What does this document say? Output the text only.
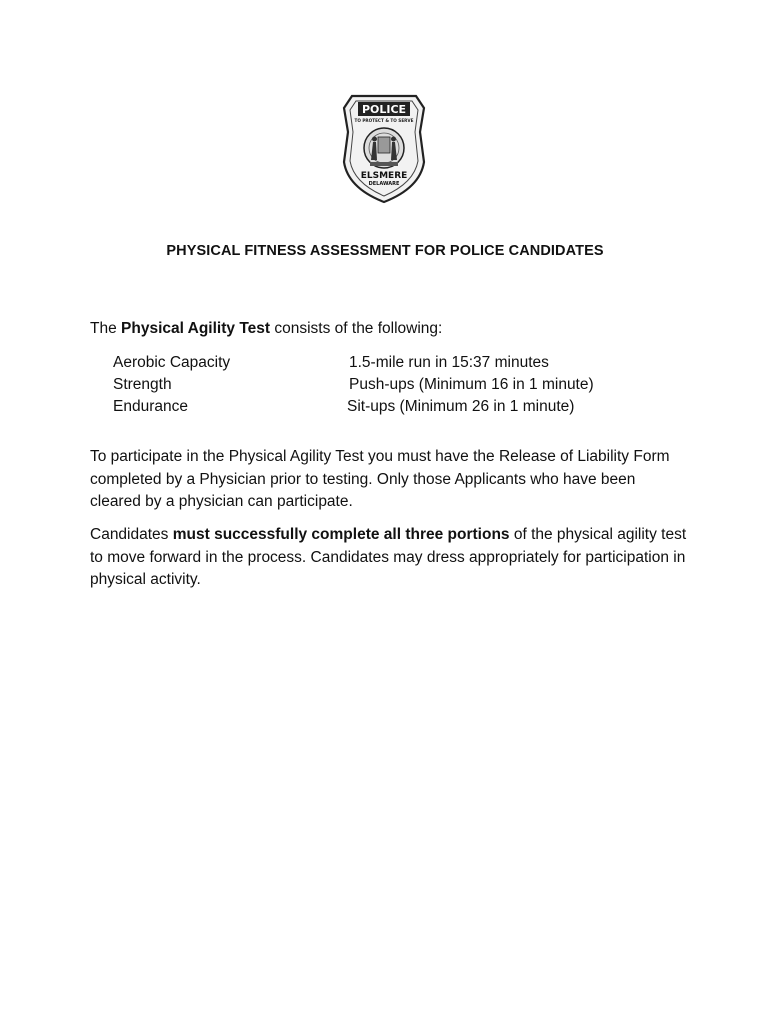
POLICE
TO PROTECT & TO SERVE
ELSMERE
DELAWARE
PHYSICAL FITNESS ASSESSMENT FOR POLICE CANDIDATES
The Physical Agility Test consists of the following:
Aerobic Capacity	1.5-mile run in 15:37 minutes
Strength	Push-ups (Minimum 16 in 1 minute)
Endurance	Sit-ups (Minimum 26 in 1 minute)
To participate in the Physical Agility Test you must have the Release of Liability Form completed by a Physician prior to testing. Only those Applicants who have been cleared by a physician can participate.
Candidates must successfully complete all three portions of the physical agility test to move forward in the process. Candidates may dress appropriately for participation in physical activity.
